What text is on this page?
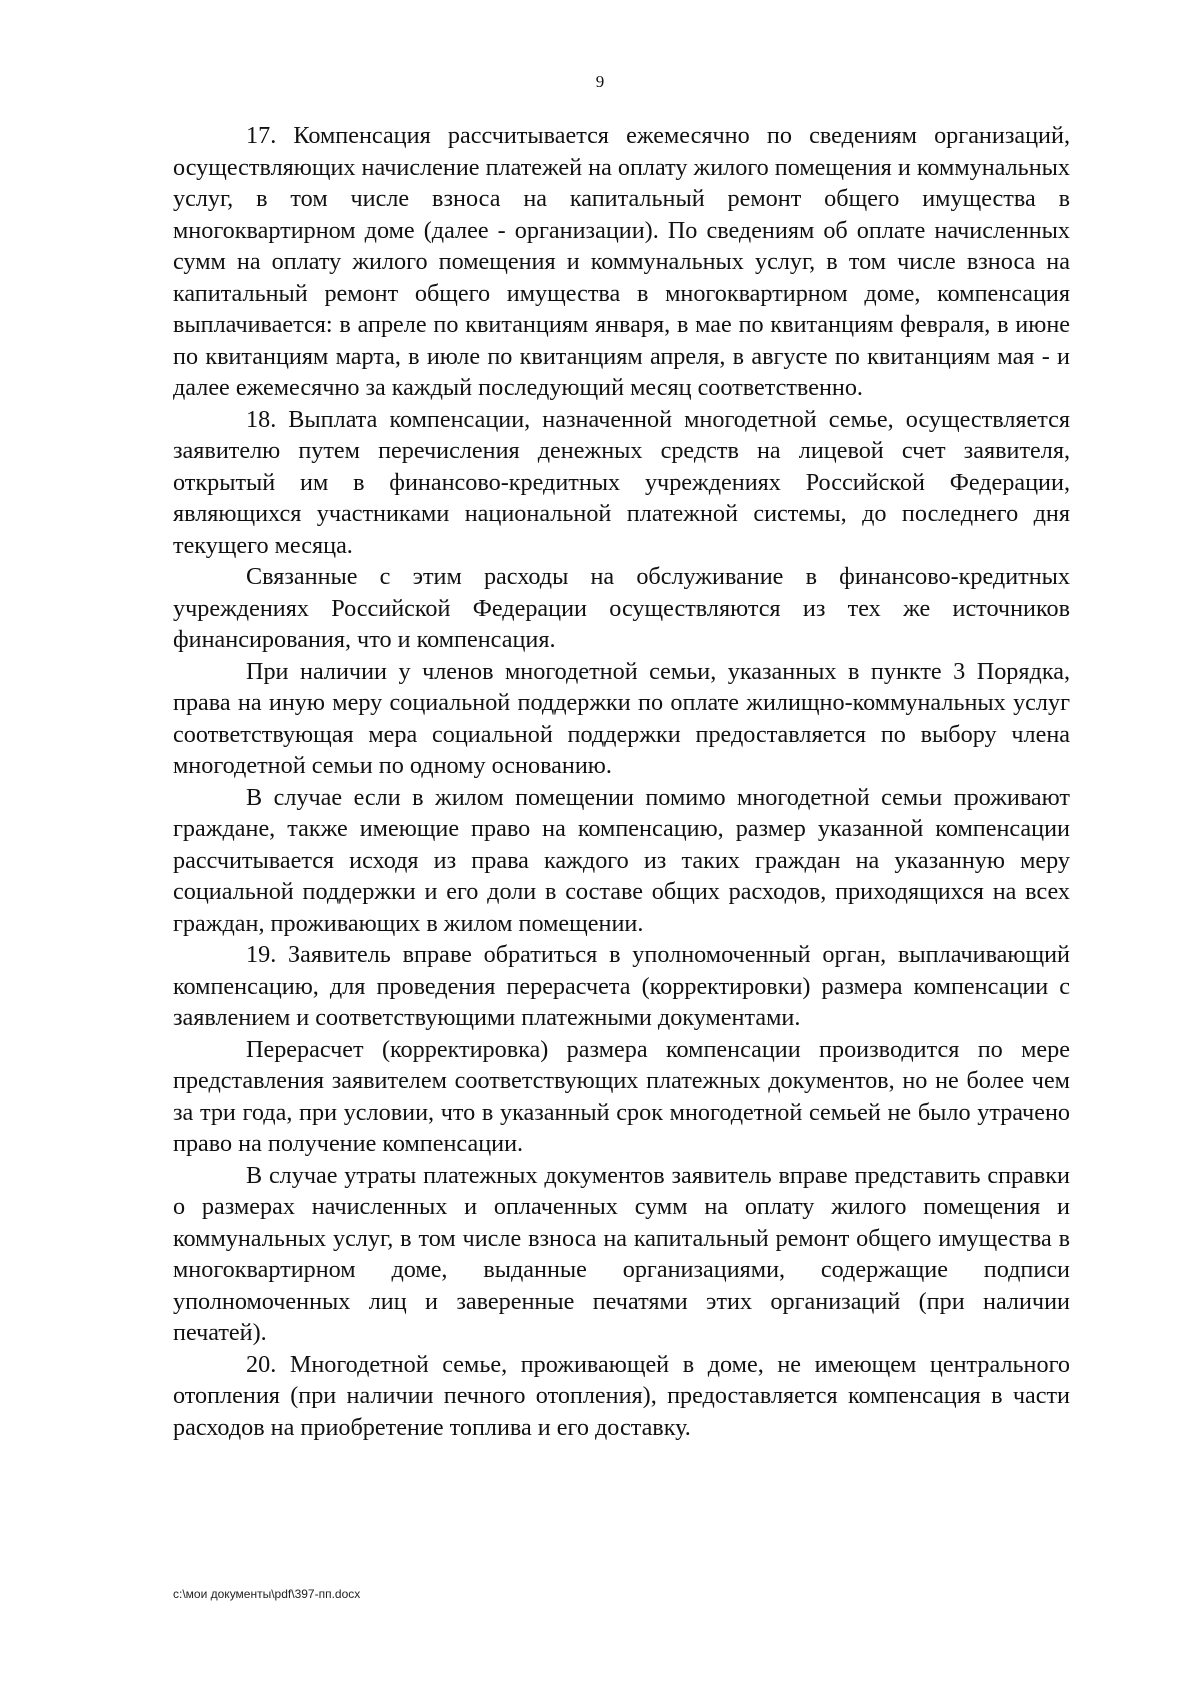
9

17. Компенсация рассчитывается ежемесячно по сведениям организаций, осуществляющих начисление платежей на оплату жилого помещения и коммунальных услуг, в том числе взноса на капитальный ремонт общего имущества в многоквартирном доме (далее - организации). По сведениям об оплате начисленных сумм на оплату жилого помещения и коммунальных услуг, в том числе взноса на капитальный ремонт общего имущества в многоквартирном доме, компенсация выплачивается: в апреле по квитанциям января, в мае по квитанциям февраля, в июне по квитанциям марта, в июле по квитанциям апреля, в августе по квитанциям мая - и далее ежемесячно за каждый последующий месяц соответственно.

18. Выплата компенсации, назначенной многодетной семье, осуществляется заявителю путем перечисления денежных средств на лицевой счет заявителя, открытый им в финансово-кредитных учреждениях Российской Федерации, являющихся участниками национальной платежной системы, до последнего дня текущего месяца.

Связанные с этим расходы на обслуживание в финансово-кредитных учреждениях Российской Федерации осуществляются из тех же источников финансирования, что и компенсация.

При наличии у членов многодетной семьи, указанных в пункте 3 Порядка, права на иную меру социальной поддержки по оплате жилищно-коммунальных услуг соответствующая мера социальной поддержки предоставляется по выбору члена многодетной семьи по одному основанию.

В случае если в жилом помещении помимо многодетной семьи проживают граждане, также имеющие право на компенсацию, размер указанной компенсации рассчитывается исходя из права каждого из таких граждан на указанную меру социальной поддержки и его доли в составе общих расходов, приходящихся на всех граждан, проживающих в жилом помещении.

19. Заявитель вправе обратиться в уполномоченный орган, выплачивающий компенсацию, для проведения перерасчета (корректировки) размера компенсации с заявлением и соответствующими платежными документами.

Перерасчет (корректировка) размера компенсации производится по мере представления заявителем соответствующих платежных документов, но не более чем за три года, при условии, что в указанный срок многодетной семьей не было утрачено право на получение компенсации.

В случае утраты платежных документов заявитель вправе представить справки о размерах начисленных и оплаченных сумм на оплату жилого помещения и коммунальных услуг, в том числе взноса на капитальный ремонт общего имущества в многоквартирном доме, выданные организациями, содержащие подписи уполномоченных лиц и заверенные печатями этих организаций (при наличии печатей).

20. Многодетной семье, проживающей в доме, не имеющем центрального отопления (при наличии печного отопления), предоставляется компенсация в части расходов на приобретение топлива и его доставку.

c:\мои документы\pdf\397-пп.docx
